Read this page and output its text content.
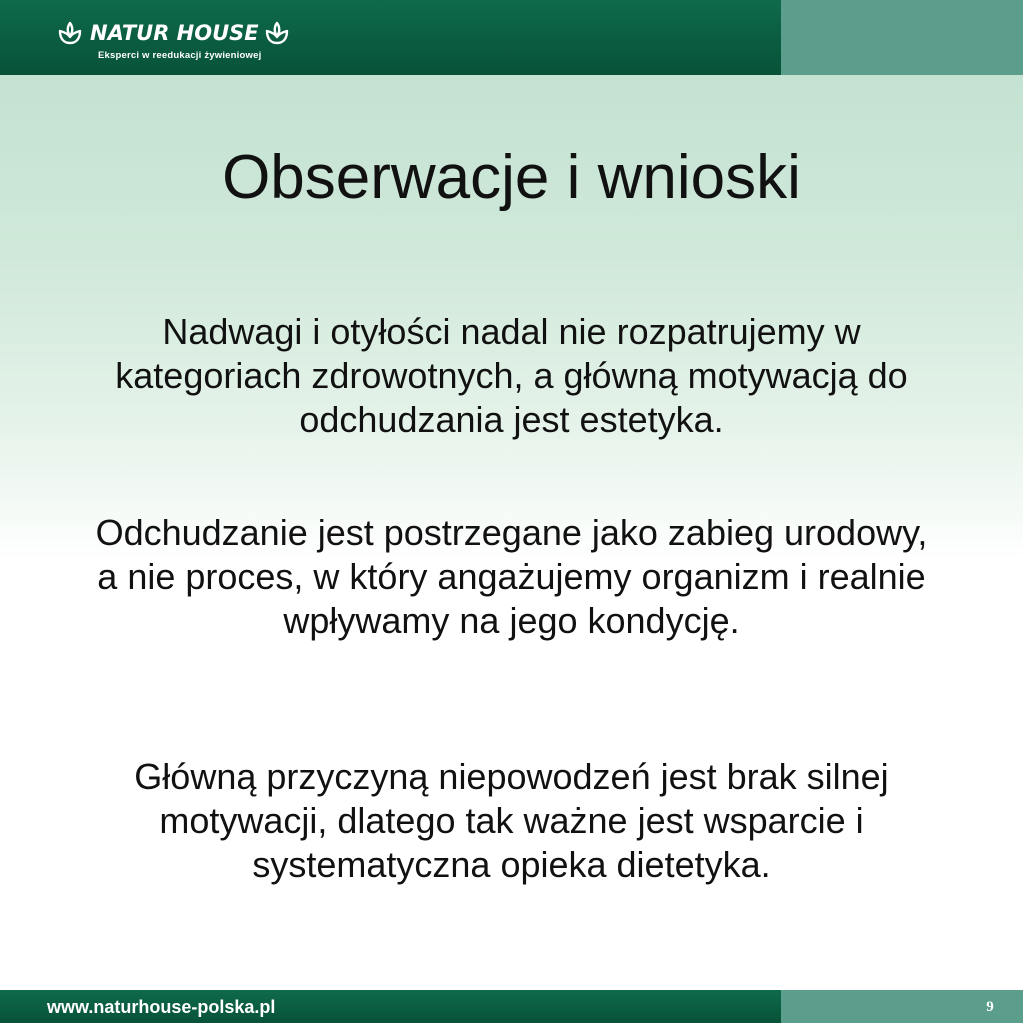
NATUR HOUSE
Eksperci w reedukacji żywieniowej
Obserwacje i wnioski

Nadwagi i otyłości nadal nie rozpatrujemy w kategoriach zdrowotnych, a główną motywacją do odchudzania jest estetyka.

Odchudzanie jest postrzegane jako zabieg urodowy, a nie proces, w który angażujemy organizm i realnie wpływamy na jego kondycję.

Główną przyczyną niepowodzeń jest brak silnej motywacji, dlatego tak ważne jest wsparcie i systematyczna opieka dietetyka.

www.naturhouse-polska.pl	9
